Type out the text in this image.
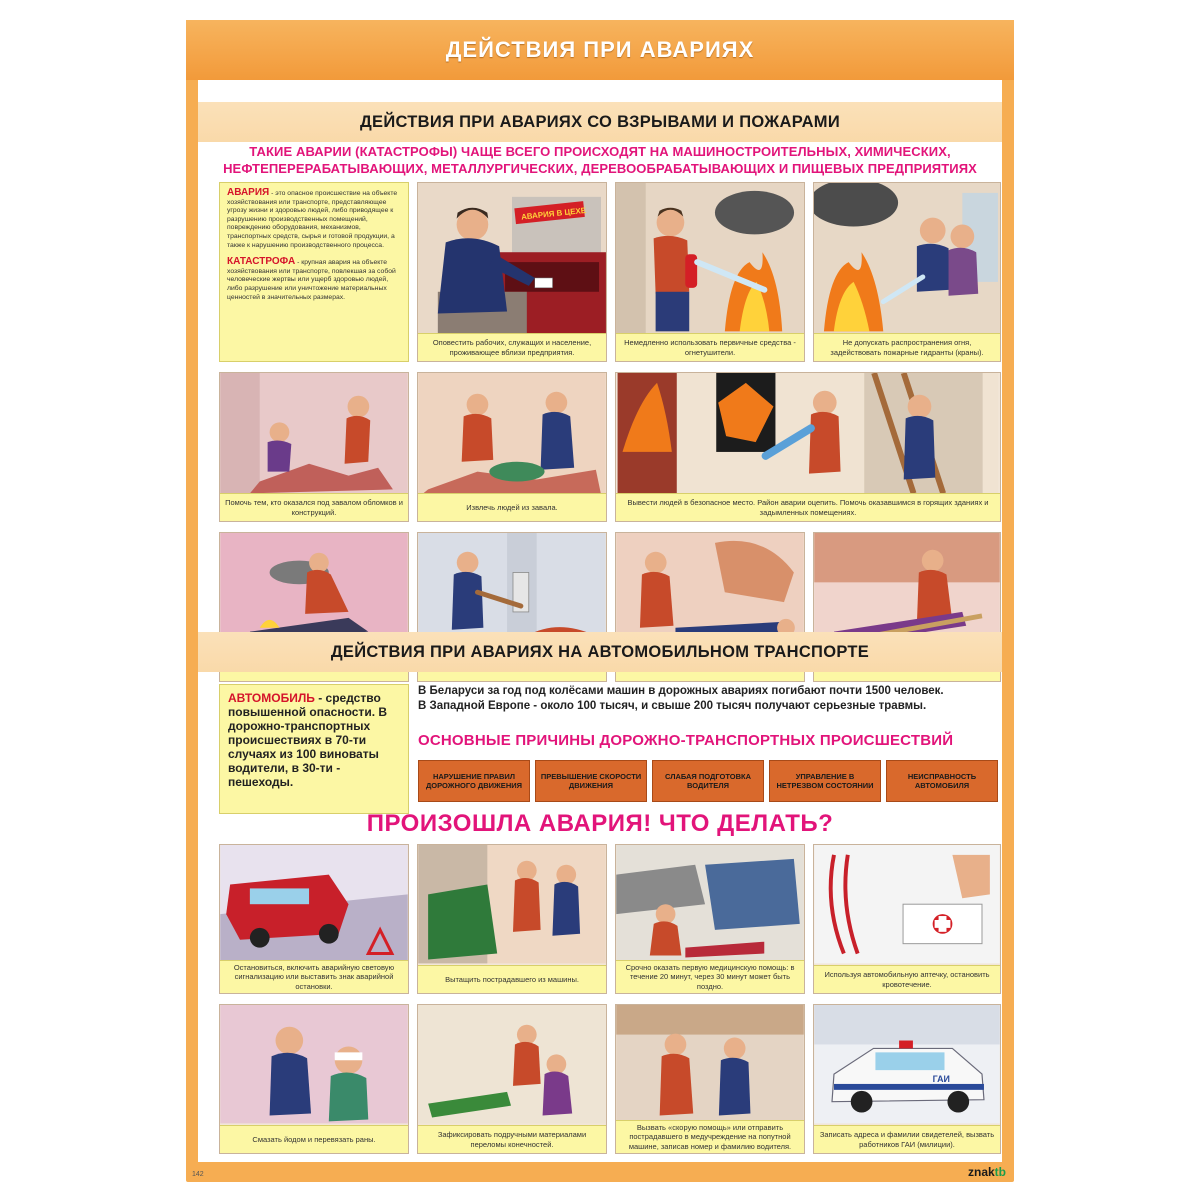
ДЕЙСТВИЯ ПРИ АВАРИЯХ
ДЕЙСТВИЯ ПРИ АВАРИЯХ СО ВЗРЫВАМИ И ПОЖАРАМИ
ТАКИЕ АВАРИИ (КАТАСТРОФЫ) ЧАЩЕ ВСЕГО ПРОИСХОДЯТ НА МАШИНОСТРОИТЕЛЬНЫХ, ХИМИЧЕСКИХ,
НЕФТЕПЕРЕРАБАТЫВАЮЩИХ, МЕТАЛЛУРГИЧЕСКИХ, ДЕРЕВООБРАБАТЫВАЮЩИХ И ПИЩЕВЫХ ПРЕДПРИЯТИЯХ

АВАРИЯ - это опасное происшествие на объекте хозяйствования или транспорте, представляющее угрозу жизни и здоровью людей, либо приводящее к разрушению производственных помещений, повреждению оборудования, механизмов, транспортных средств, сырья и готовой продукции, а также к нарушению производственного процесса.

КАТАСТРОФА - крупная авария на объекте хозяйствования или транспорте, повлекшая за собой человеческие жертвы или ущерб здоровью людей, либо разрушение или уничтожение материальных ценностей в значительных размерах.

АВАРИЯ В ЦЕХЕ
Оповестить рабочих, служащих и население, проживающее вблизи предприятия.
Немедленно использовать первичные средства - огнетушители.
Не допускать распространения огня, задействовать пожарные гидранты (краны).
Помочь тем, кто оказался под завалом обломков и конструкций.
Извлечь людей из завала.
Вывести людей в безопасное место. Район аварии оцепить. Помочь оказавшимся в горящих зданиях и задымленных помещениях.
ДЕЙСТВИЯ ПРИ АВАРИЯХ НА АВТОМОБИЛЬНОМ ТРАНСПОРТЕ
АВТОМОБИЛЬ - средство повышенной опасности. В дорожно-транспортных происшествиях в 70-ти случаях из 100 виноваты водители, в 30-ти - пешеходы.
В Беларуси за год под колёсами машин в дорожных авариях погибают почти 1500 человек.
В Западной Европе - около 100 тысяч, и свыше 200 тысяч получают серьезные травмы.
ОСНОВНЫЕ ПРИЧИНЫ ДОРОЖНО-ТРАНСПОРТНЫХ ПРОИСШЕСТВИЙ
НАРУШЕНИЕ ПРАВИЛ ДОРОЖНОГО ДВИЖЕНИЯ
ПРЕВЫШЕНИЕ СКОРОСТИ ДВИЖЕНИЯ
СЛАБАЯ ПОДГОТОВКА ВОДИТЕЛЯ
УПРАВЛЕНИЕ В НЕТРЕЗВОМ СОСТОЯНИИ
НЕИСПРАВНОСТЬ АВТОМОБИЛЯ
ПРОИЗОШЛА АВАРИЯ! ЧТО ДЕЛАТЬ?
Остановиться, включить аварийную световую сигнализацию или выставить знак аварийной остановки.
Вытащить пострадавшего из машины.
Срочно оказать первую медицинскую помощь: в течение 20 минут, через 30 минут может быть поздно.
Используя автомобильную аптечку, остановить кровотечение.
Смазать йодом и перевязать раны.
Зафиксировать подручными материалами переломы конечностей.
Вызвать «скорую помощь» или отправить пострадавшего в медучреждение на попутной машине, записав номер и фамилию водителя.
ГАИ
Записать адреса и фамилии свидетелей, вызвать работников ГАИ (милиции).
142	znaktb
